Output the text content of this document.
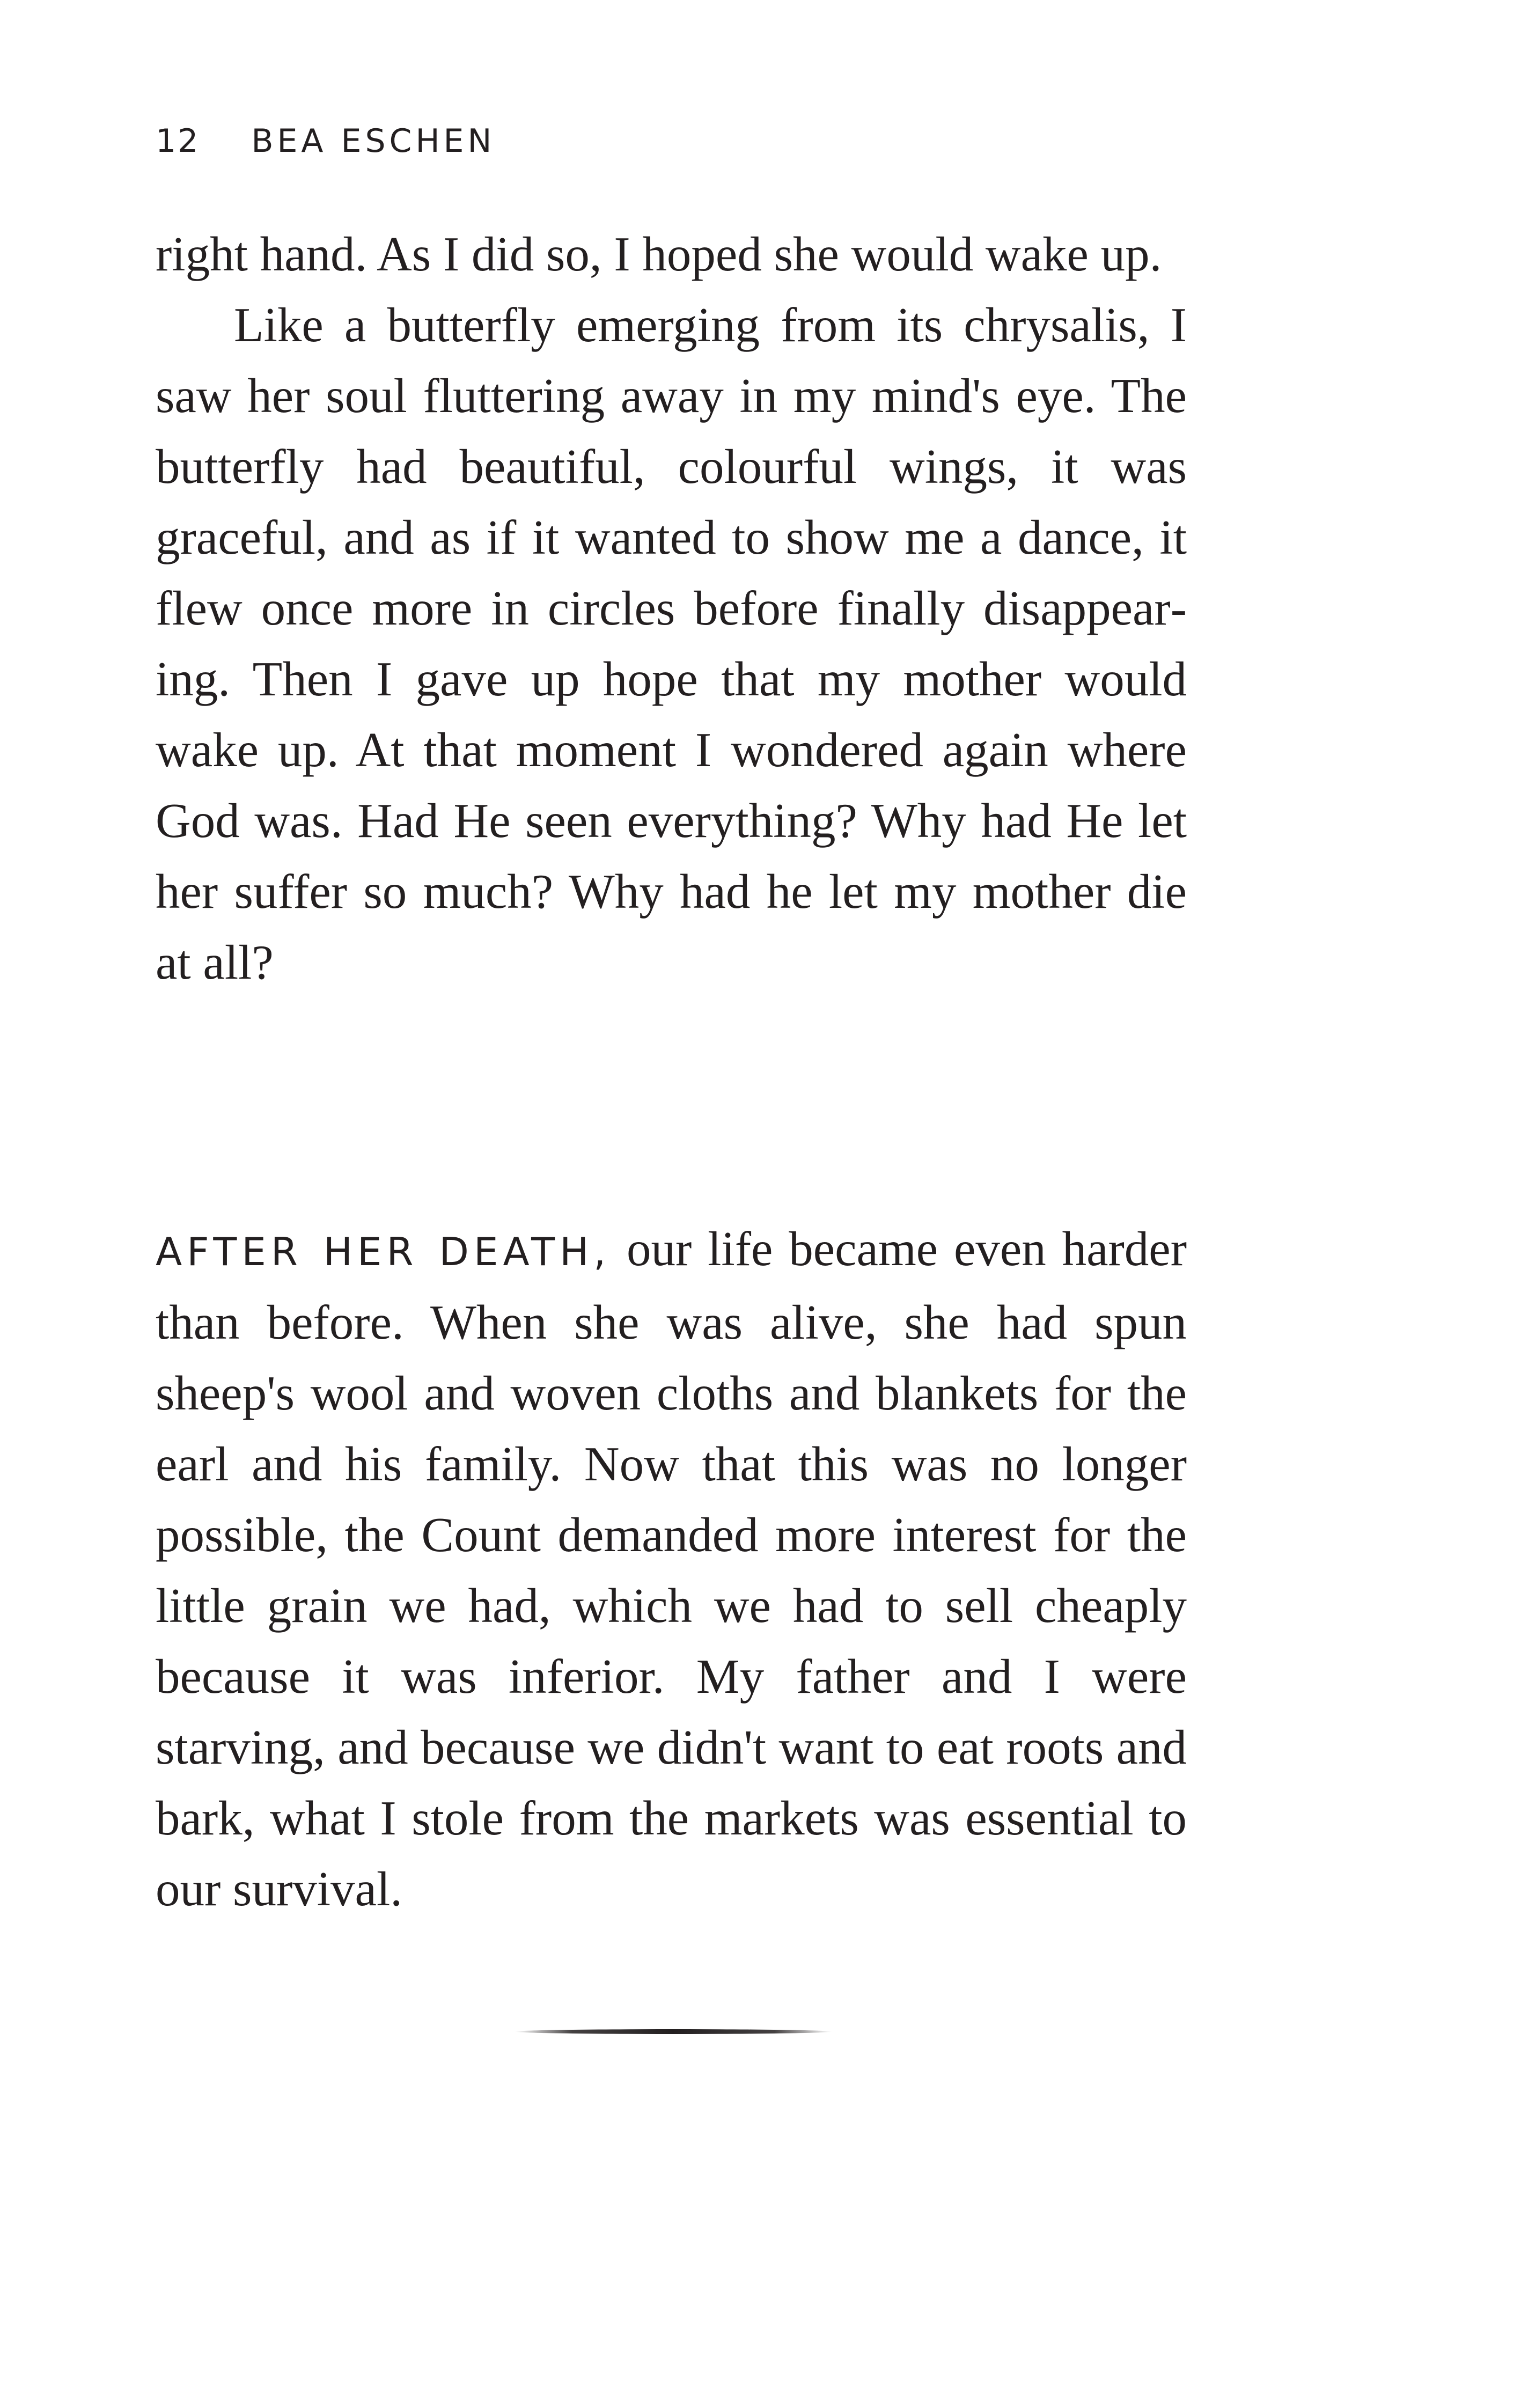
12 BEA ESCHEN

right hand. As I did so, I hoped she would wake up.

Like a butterfly emerging from its chrysalis, I saw her soul fluttering away in my mind's eye. The butterfly had beautiful, colourful wings, it was graceful, and as if it wanted to show me a dance, it flew once more in circles before finally disappearing. Then I gave up hope that my mother would wake up. At that moment I wondered again where God was. Had He seen everything? Why had He let her suffer so much? Why had he let my mother die at all?

AFTER HER DEATH, our life became even harder than before. When she was alive, she had spun sheep's wool and woven cloths and blankets for the earl and his family. Now that this was no longer possible, the Count demanded more interest for the little grain we had, which we had to sell cheaply because it was inferior. My father and I were starving, and because we didn't want to eat roots and bark, what I stole from the markets was essential to our survival.
